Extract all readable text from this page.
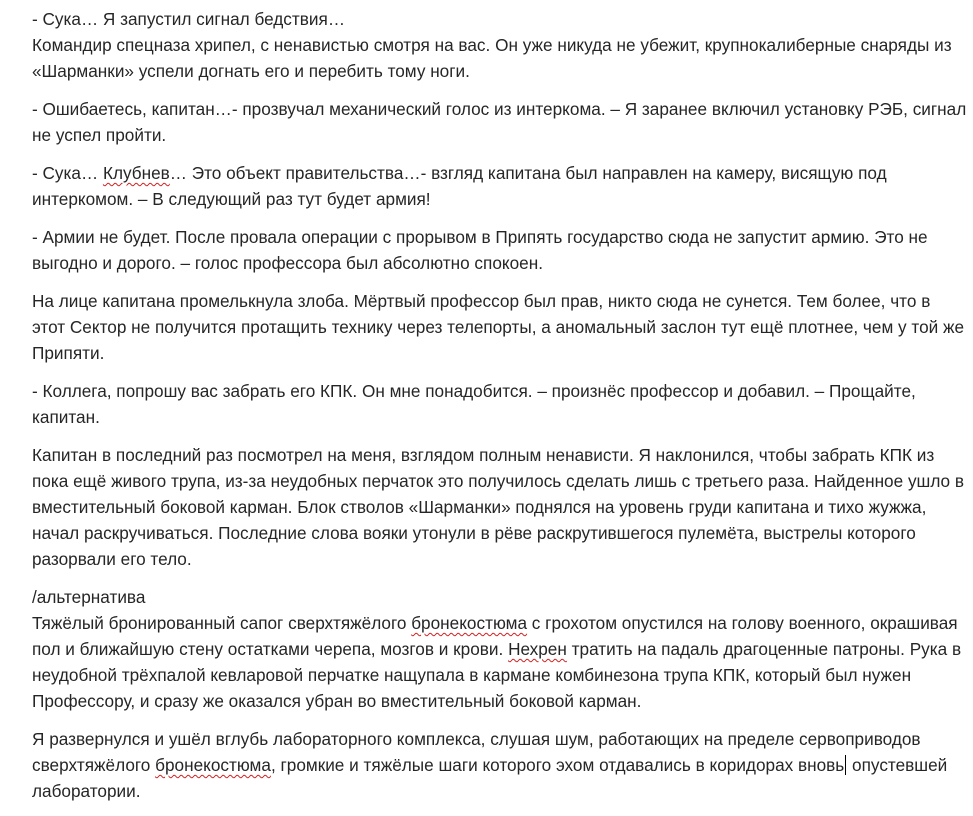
- Сука… Я запустил сигнал бедствия…
Командир спецназа хрипел, с ненавистью смотря на вас. Он уже никуда не убежит, крупнокалиберные снаряды из «Шарманки» успели догнать его и перебить тому ноги.

- Ошибаетесь, капитан…- прозвучал механический голос из интеркома. – Я заранее включил установку РЭБ, сигнал не успел пройти.

- Сука… Клубнев… Это объект правительства…- взгляд капитана был направлен на камеру, висящую под интеркомом. – В следующий раз тут будет армия!

- Армии не будет. После провала операции с прорывом в Припять государство сюда не запустит армию. Это не выгодно и дорого. – голос профессора был абсолютно спокоен.

На лице капитана промелькнула злоба. Мёртвый профессор был прав, никто сюда не сунется. Тем более, что в этот Сектор не получится протащить технику через телепорты, а аномальный заслон тут ещё плотнее, чем у той же Припяти.

- Коллега, попрошу вас забрать его КПК. Он мне понадобится. – произнёс профессор и добавил. – Прощайте, капитан.

Капитан в последний раз посмотрел на меня, взглядом полным ненависти. Я наклонился, чтобы забрать КПК из пока ещё живого трупа, из-за неудобных перчаток это получилось сделать лишь с третьего раза. Найденное ушло в вместительный боковой карман. Блок стволов «Шарманки» поднялся на уровень груди капитана и тихо жужжа, начал раскручиваться. Последние слова вояки утонули в рёве раскрутившегося пулемёта, выстрелы которого разорвали его тело.

/альтернатива
Тяжёлый бронированный сапог сверхтяжёлого бронекостюма с грохотом опустился на голову военного, окрашивая пол и ближайшую стену остатками черепа, мозгов и крови. Нехрен тратить на падаль драгоценные патроны. Рука в неудобной трёхпалой кевларовой перчатке нащупала в кармане комбинезона трупа КПК, который был нужен Профессору, и сразу же оказался убран во вместительный боковой карман.

Я развернулся и ушёл вглубь лабораторного комплекса, слушая шум, работающих на пределе сервоприводов сверхтяжёлого бронекостюма, громкие и тяжёлые шаги которого эхом отдавались в коридорах вновь опустевшей лаборатории.
